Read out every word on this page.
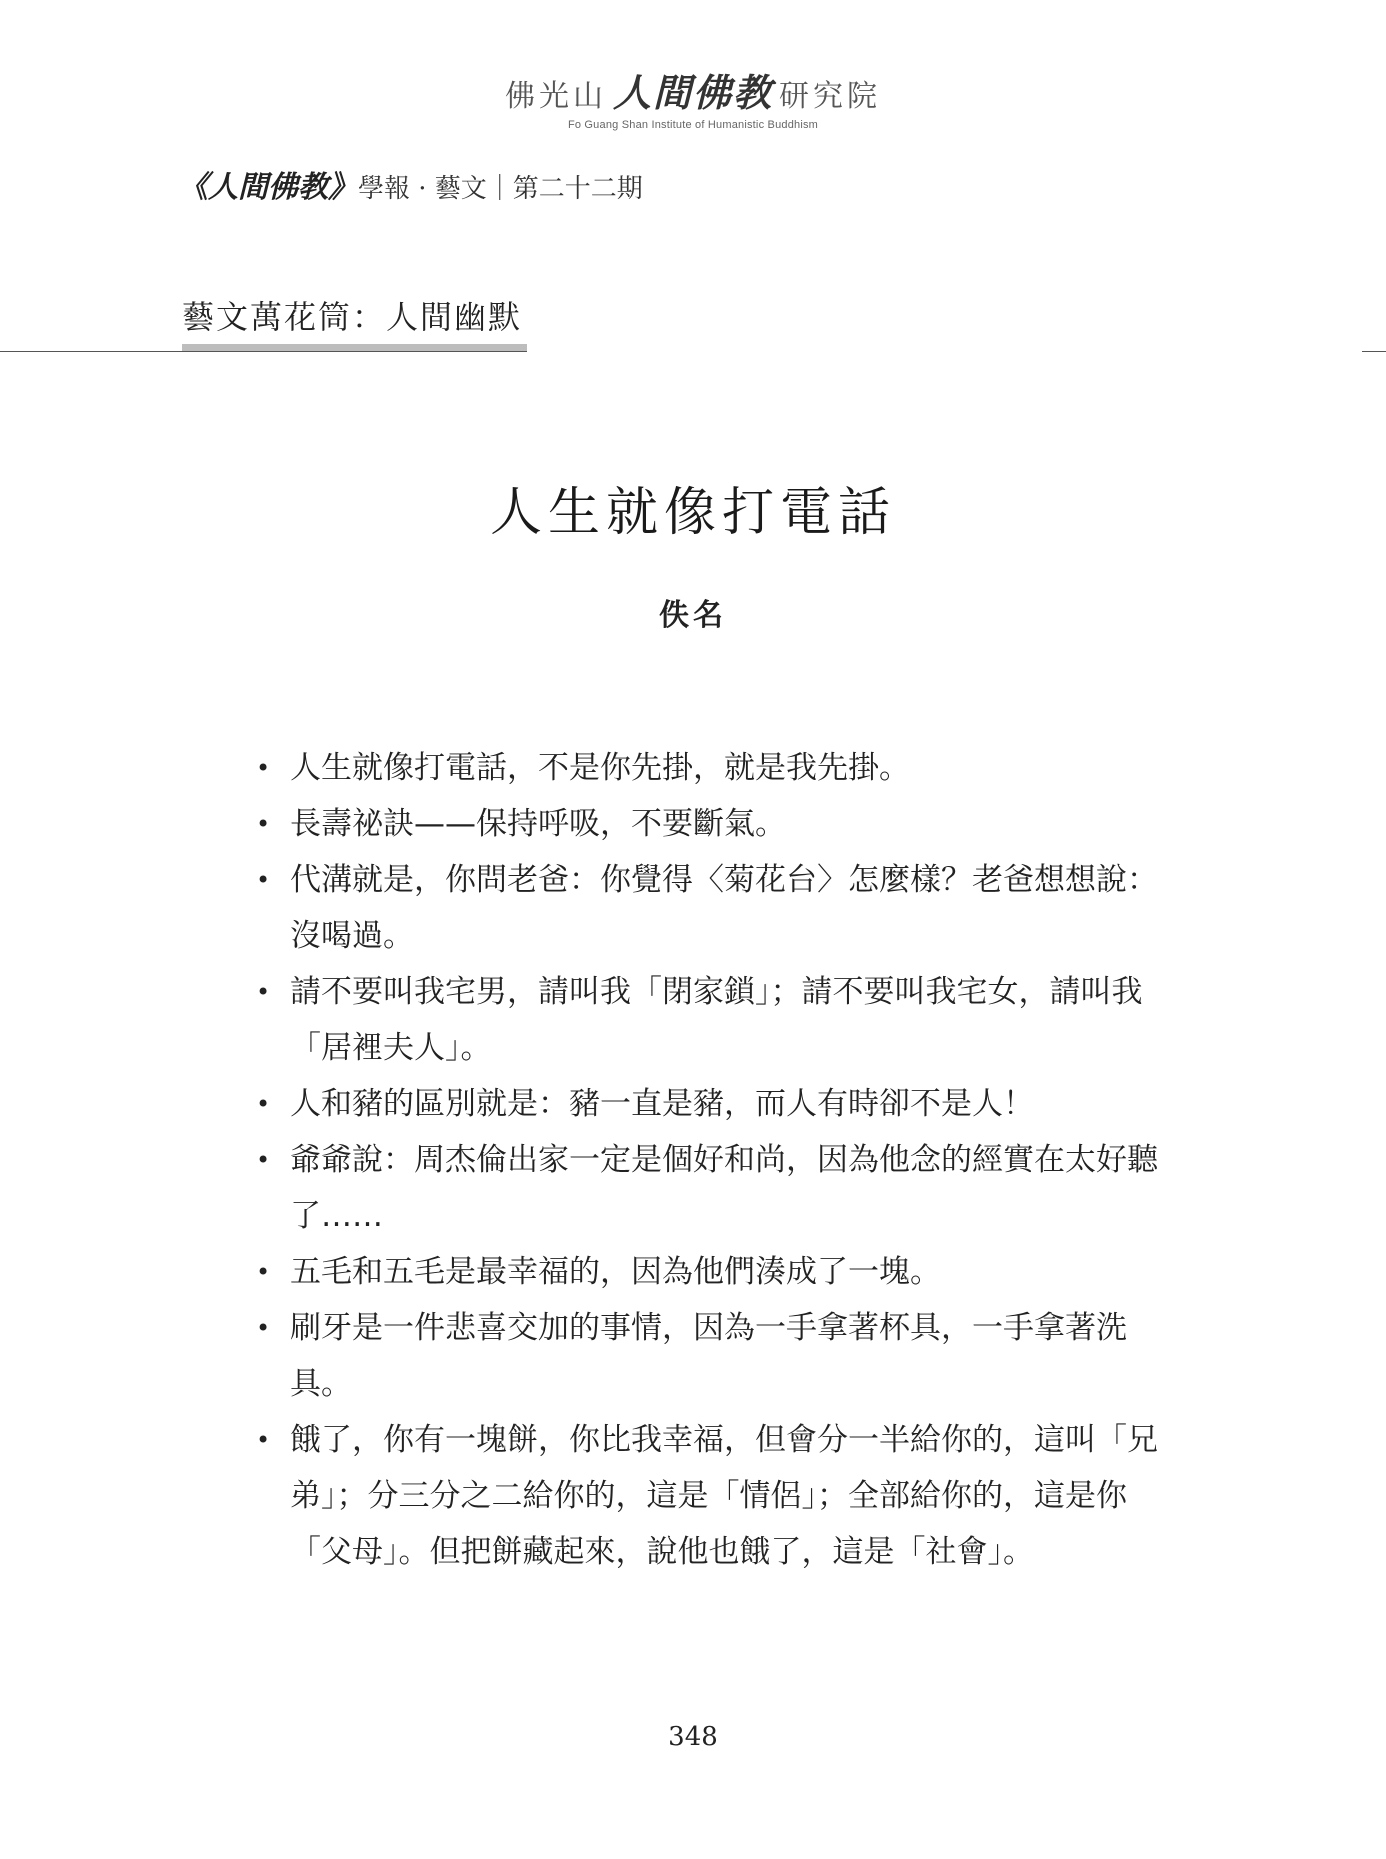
佛光山 人間佛教 研究院
Fo Guang Shan Institute of Humanistic Buddhism
《人間佛教》學報 · 藝文｜第二十二期
藝文萬花筒：人間幽默
人生就像打電話
佚名
• 人生就像打電話，不是你先掛，就是我先掛。
• 長壽祕訣——保持呼吸，不要斷氣。
• 代溝就是，你問老爸：你覺得〈菊花台〉怎麼樣？老爸想想說：沒喝過。
• 請不要叫我宅男，請叫我「閉家鎖」；請不要叫我宅女，請叫我「居裡夫人」。
• 人和豬的區別就是：豬一直是豬，而人有時卻不是人！
• 爺爺說：周杰倫出家一定是個好和尚，因為他念的經實在太好聽了……
• 五毛和五毛是最幸福的，因為他們湊成了一塊。
• 刷牙是一件悲喜交加的事情，因為一手拿著杯具，一手拿著洗具。
• 餓了，你有一塊餅，你比我幸福，但會分一半給你的，這叫「兄弟」；分三分之二給你的，這是「情侶」；全部給你的，這是你「父母」。但把餅藏起來，說他也餓了，這是「社會」。
348
